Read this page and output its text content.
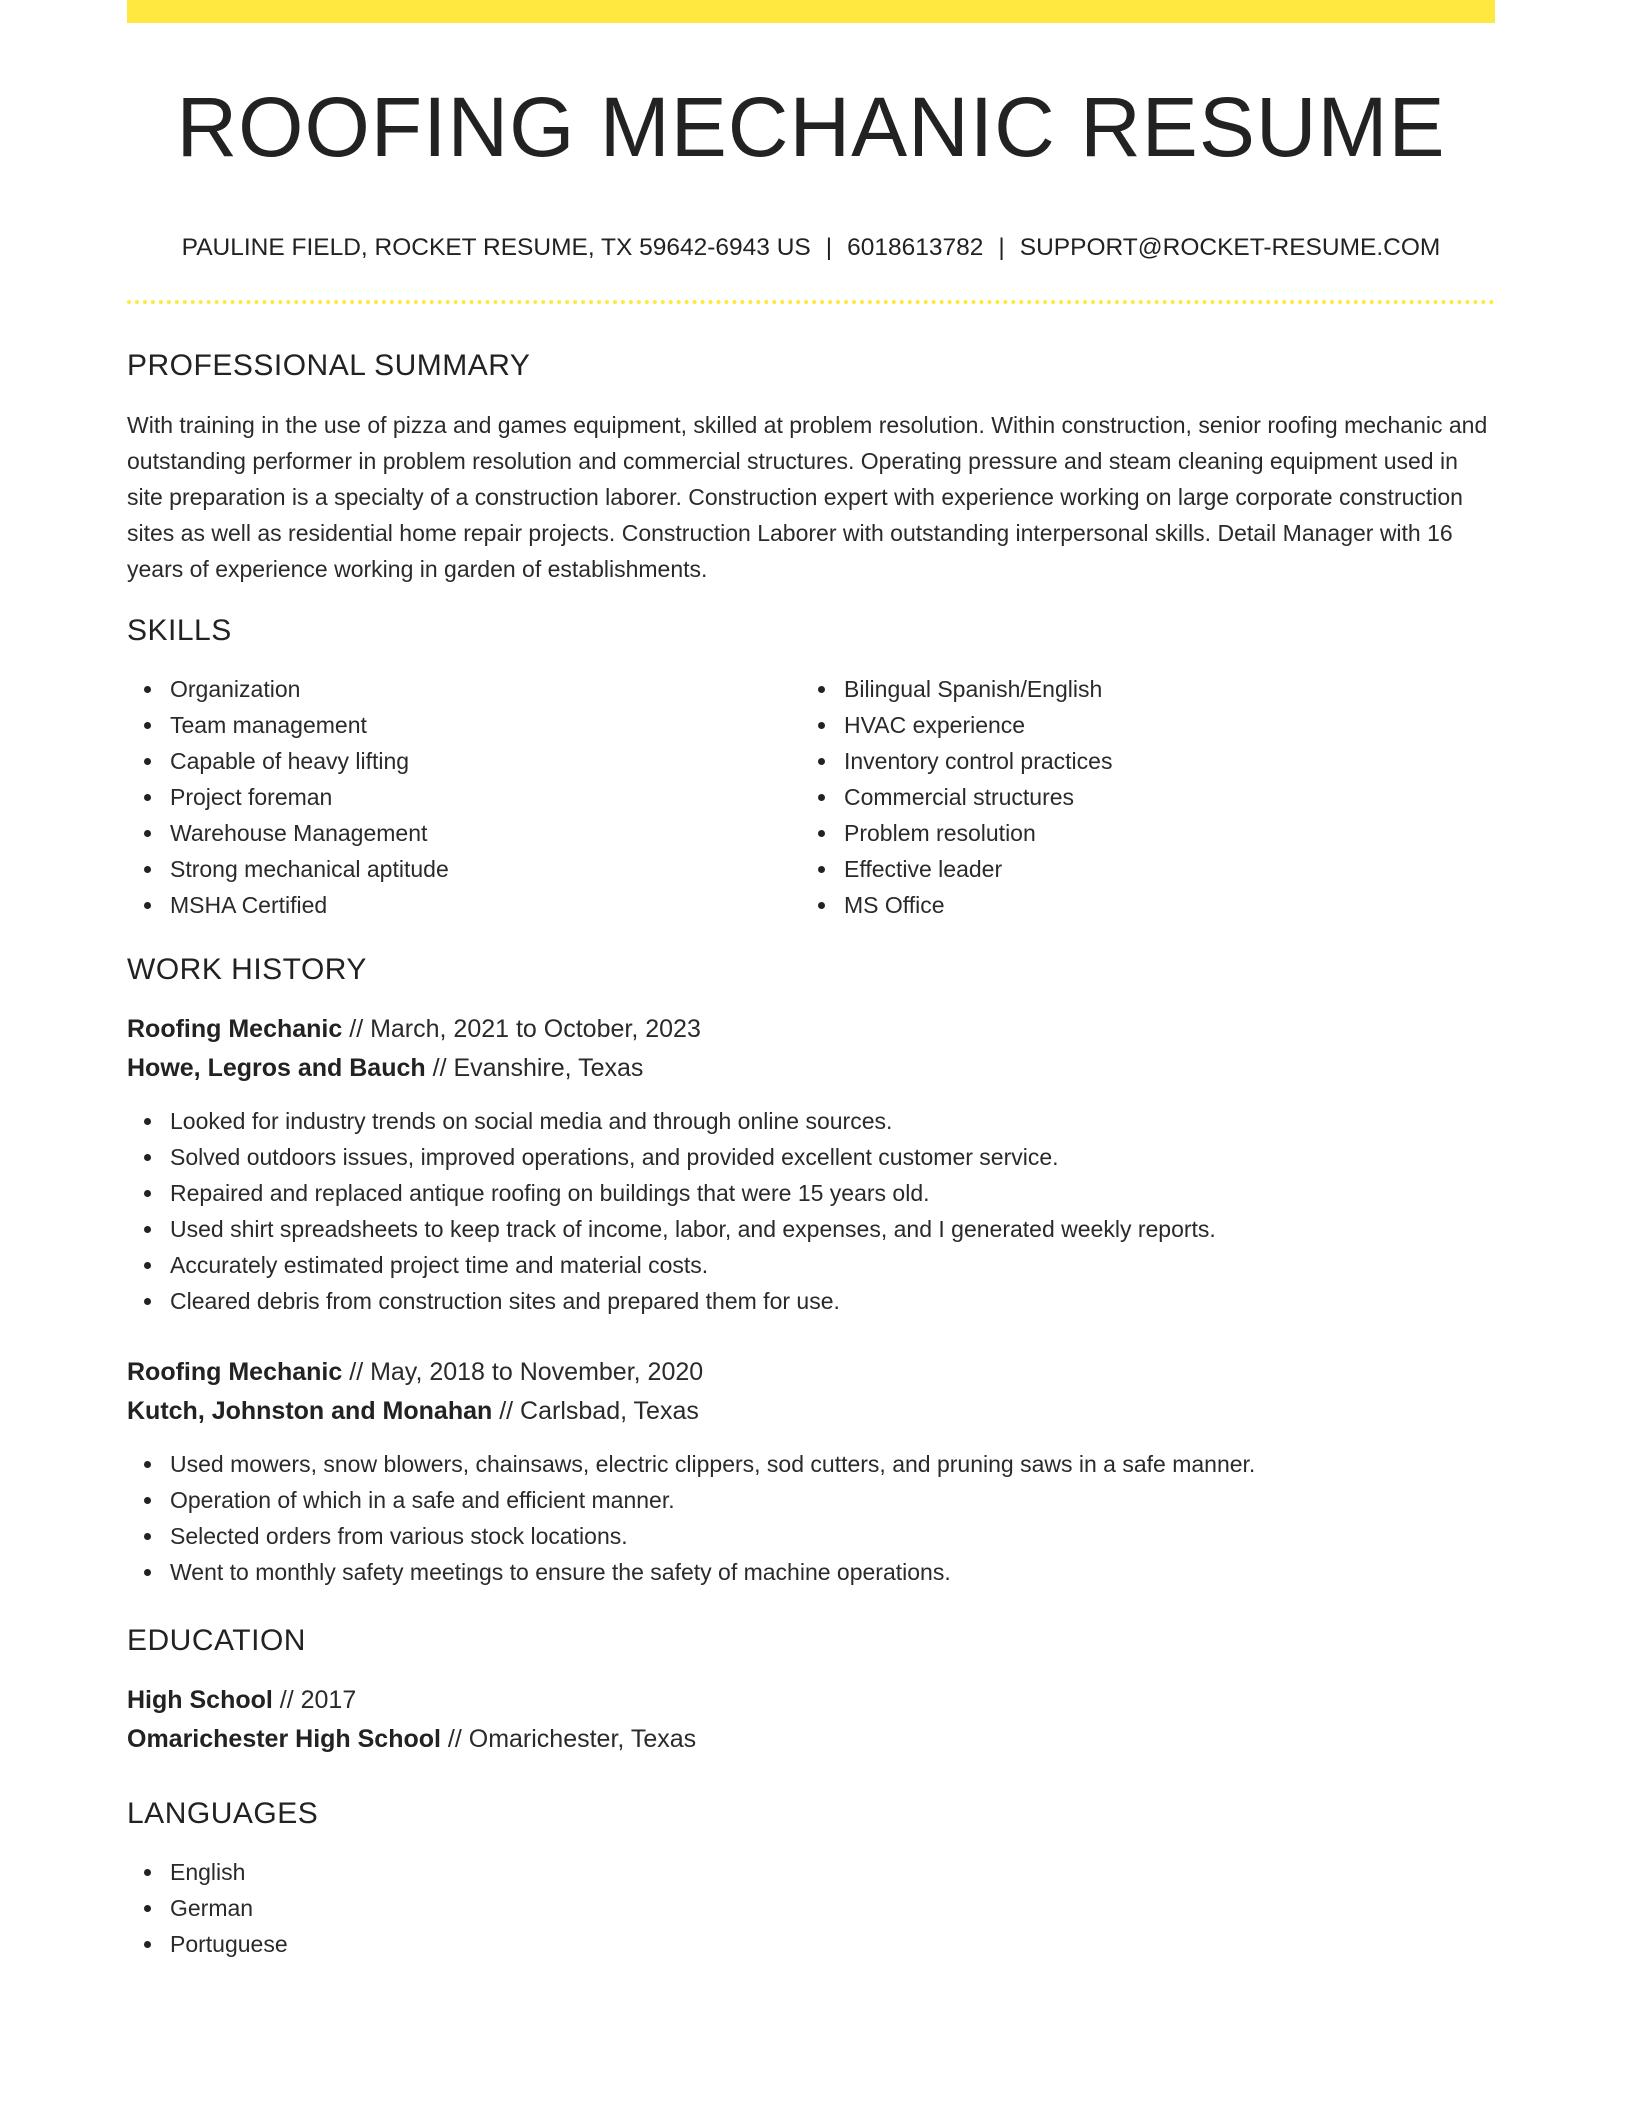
ROOFING MECHANIC RESUME
PAULINE FIELD, ROCKET RESUME, TX 59642-6943 US | 6018613782 | SUPPORT@ROCKET-RESUME.COM
PROFESSIONAL SUMMARY

With training in the use of pizza and games equipment, skilled at problem resolution. Within construction, senior roofing mechanic and outstanding performer in problem resolution and commercial structures. Operating pressure and steam cleaning equipment used in site preparation is a specialty of a construction laborer. Construction expert with experience working on large corporate construction sites as well as residential home repair projects. Construction Laborer with outstanding interpersonal skills. Detail Manager with 16 years of experience working in garden of establishments.

SKILLS
Organization
Team management
Capable of heavy lifting
Project foreman
Warehouse Management
Strong mechanical aptitude
MSHA Certified
Bilingual Spanish/English
HVAC experience
Inventory control practices
Commercial structures
Problem resolution
Effective leader
MS Office
WORK HISTORY
Roofing Mechanic // March, 2021 to October, 2023
Howe, Legros and Bauch // Evanshire, Texas
Looked for industry trends on social media and through online sources.
Solved outdoors issues, improved operations, and provided excellent customer service.
Repaired and replaced antique roofing on buildings that were 15 years old.
Used shirt spreadsheets to keep track of income, labor, and expenses, and I generated weekly reports.
Accurately estimated project time and material costs.
Cleared debris from construction sites and prepared them for use.
Roofing Mechanic // May, 2018 to November, 2020
Kutch, Johnston and Monahan // Carlsbad, Texas
Used mowers, snow blowers, chainsaws, electric clippers, sod cutters, and pruning saws in a safe manner.
Operation of which in a safe and efficient manner.
Selected orders from various stock locations.
Went to monthly safety meetings to ensure the safety of machine operations.
EDUCATION
High School // 2017
Omarichester High School // Omarichester, Texas
LANGUAGES
English
German
Portuguese
